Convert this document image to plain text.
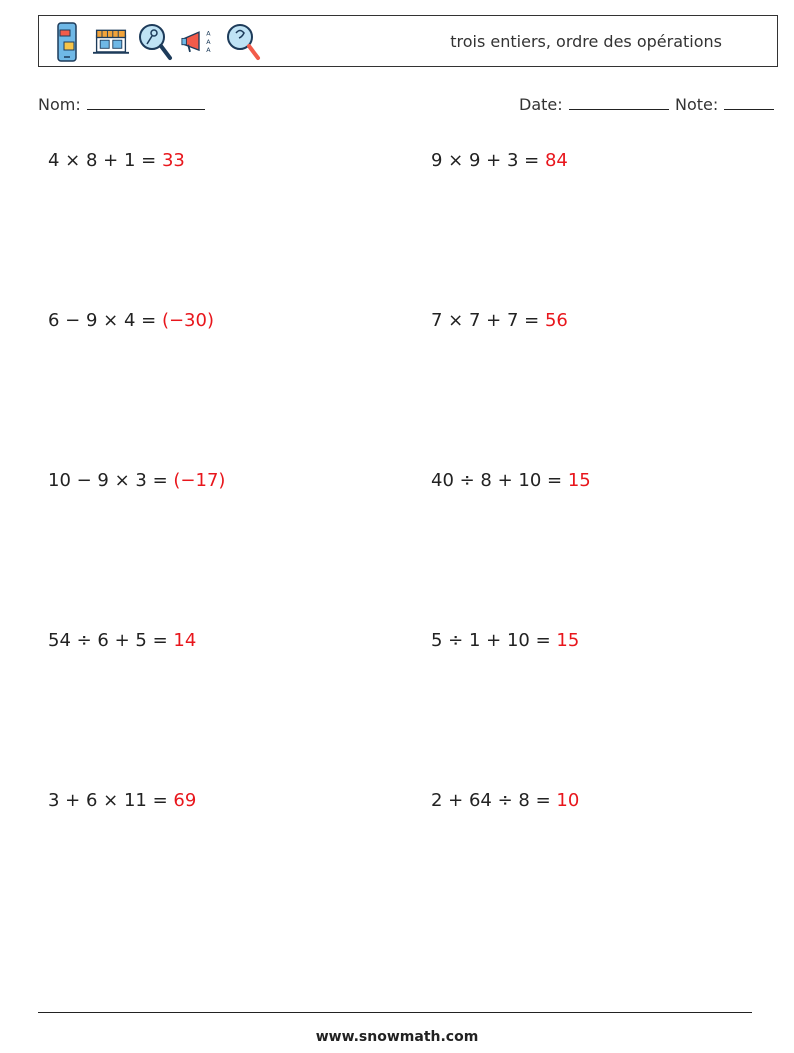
A
A
A	trois entiers, ordre des opérations
Nom:	Date:	Note:
4 × 8 + 1 = 33	9 × 9 + 3 = 84
6 − 9 × 4 = (−30)	7 × 7 + 7 = 56
10 − 9 × 3 = (−17)	40 ÷ 8 + 10 = 15
54 ÷ 6 + 5 = 14	5 ÷ 1 + 10 = 15
3 + 6 × 11 = 69	2 + 64 ÷ 8 = 10
www.snowmath.com
